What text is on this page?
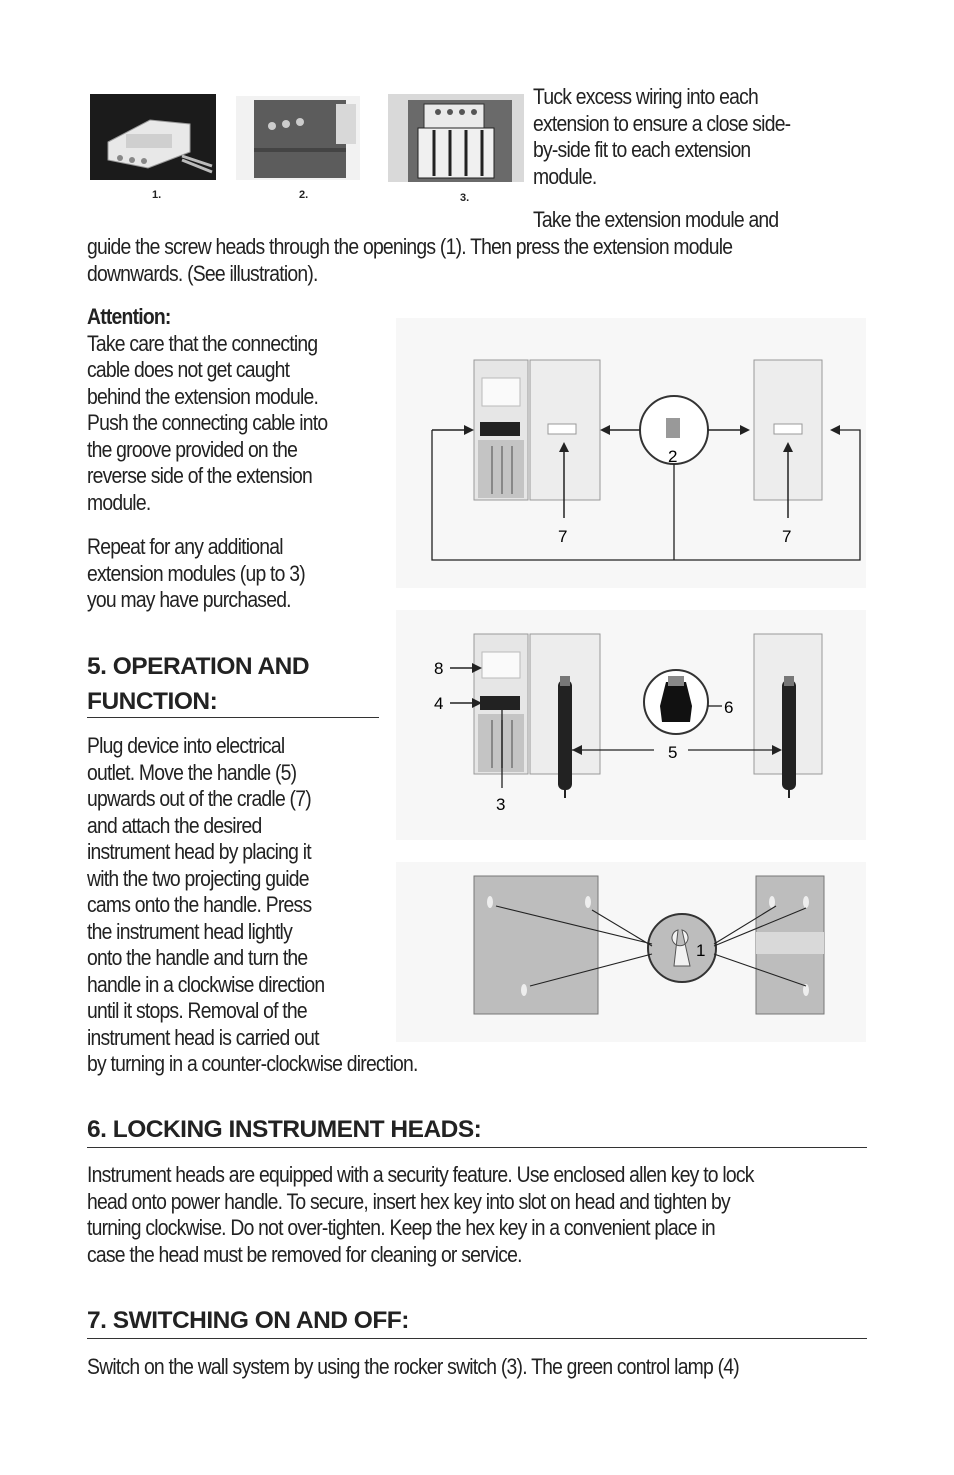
1.	2.	3.
Tuck excess wiring into each
extension to ensure a close side-
by-side fit to each extension
module.
Take the extension module and
guide the screw heads through the openings (1). Then press the extension module
downwards. (See illustration).
Attention:
Take care that the connecting
cable does not get caught
behind the extension module.
Push the connecting cable into
the groove provided on the
reverse side of the extension
module.
Repeat for any additional
extension modules (up to 3)
you may have purchased.
7
2
7
5. OPERATION AND
FUNCTION:
Plug device into electrical
outlet. Move the handle (5)
upwards out of the cradle (7)
and attach the desired
instrument head by placing it
with the two projecting guide
cams onto the handle. Press
the instrument head lightly
onto the handle and turn the
handle in a clockwise direction
until it stops. Removal of the
instrument head is carried out
by turning in a counter-clockwise direction.
8
4
3
5
6
1
6. LOCKING INSTRUMENT HEADS:
Instrument heads are equipped with a security feature. Use enclosed allen key to lock
head onto power handle. To secure, insert hex key into slot on head and tighten by
turning clockwise. Do not over-tighten. Keep the hex key in a convenient place in
case the head must be removed for cleaning or service.
7. SWITCHING ON AND OFF:
Switch on the wall system by using the rocker switch (3). The green control lamp (4)
